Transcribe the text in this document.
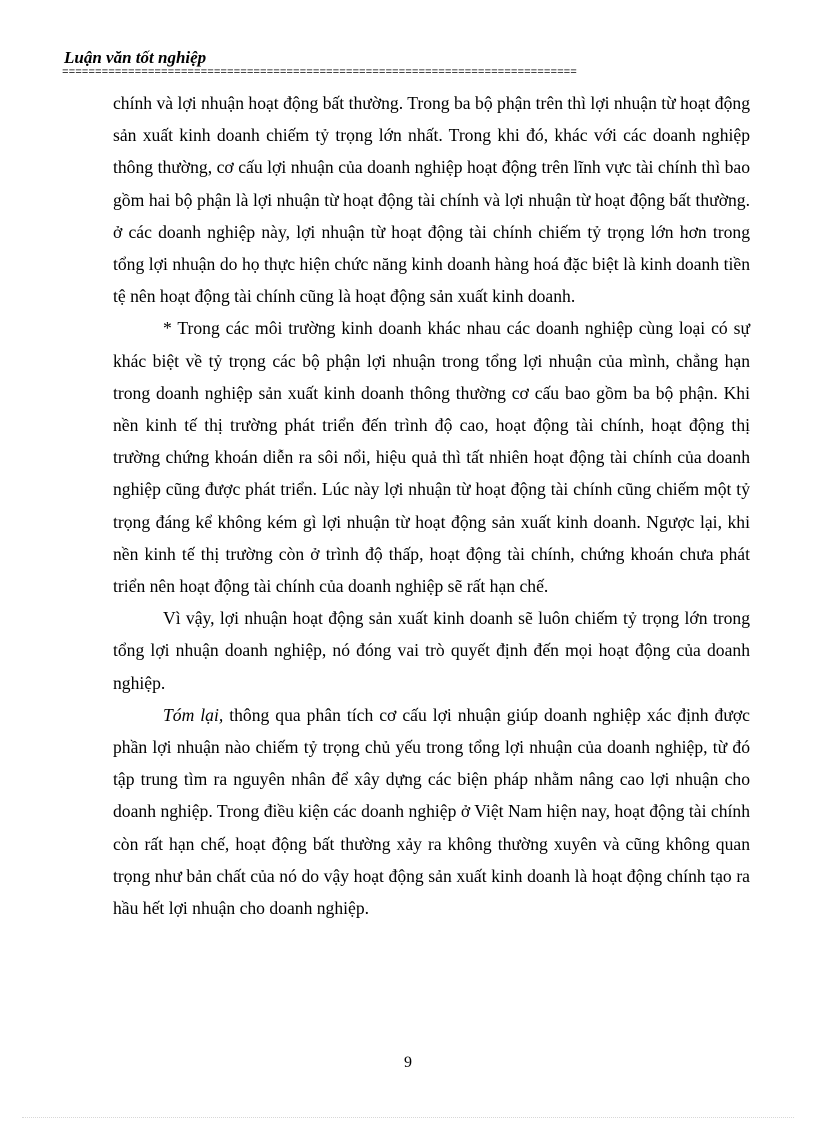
Luận văn tốt nghiệp
==============================================================================

chính và lợi nhuận hoạt động bất thường. Trong ba bộ phận trên thì lợi nhuận từ hoạt động sản xuất kinh doanh chiếm tỷ trọng lớn nhất. Trong khi đó, khác với các doanh nghiệp thông thường, cơ cấu lợi nhuận của doanh nghiệp hoạt động trên lĩnh vực tài chính thì bao gồm hai bộ phận là lợi nhuận từ hoạt động tài chính và lợi nhuận từ hoạt động bất thường. ở các doanh nghiệp này, lợi nhuận từ hoạt động tài chính chiếm tỷ trọng lớn hơn trong tổng lợi nhuận do họ thực hiện chức năng kinh doanh hàng hoá đặc biệt là kinh doanh tiền tệ nên hoạt động tài chính cũng là hoạt động sản xuất kinh doanh.

* Trong các môi trường kinh doanh khác nhau các doanh nghiệp cùng loại có sự khác biệt về tỷ trọng các bộ phận lợi nhuận trong tổng lợi nhuận của mình, chẳng hạn trong doanh nghiệp sản xuất kinh doanh thông thường cơ cấu bao gồm ba bộ phận. Khi nền kinh tế thị trường phát triển đến trình độ cao, hoạt động tài chính, hoạt động thị trường chứng khoán diễn ra sôi nổi, hiệu quả thì tất nhiên hoạt động tài chính của doanh nghiệp cũng được phát triển. Lúc này lợi nhuận từ hoạt động tài chính cũng chiếm một tỷ trọng đáng kể không kém gì lợi nhuận từ hoạt động sản xuất kinh doanh. Ngược lại, khi nền kinh tế thị trường còn ở trình độ thấp, hoạt động tài chính, chứng khoán chưa phát triển nên hoạt động tài chính của doanh nghiệp sẽ rất hạn chế.

Vì vậy, lợi nhuận hoạt động sản xuất kinh doanh sẽ luôn chiếm tỷ trọng lớn trong tổng lợi nhuận doanh nghiệp, nó đóng vai trò quyết định đến mọi hoạt động của doanh nghiệp.

Tóm lại, thông qua phân tích cơ cấu lợi nhuận giúp doanh nghiệp xác định được phần lợi nhuận nào chiếm tỷ trọng chủ yếu trong tổng lợi nhuận của doanh nghiệp, từ đó tập trung tìm ra nguyên nhân để xây dựng các biện pháp nhằm nâng cao lợi nhuận cho doanh nghiệp. Trong điều kiện các doanh nghiệp ở Việt Nam hiện nay, hoạt động tài chính còn rất hạn chế, hoạt động bất thường xảy ra không thường xuyên và cũng không quan trọng như bản chất của nó do vậy hoạt động sản xuất kinh doanh là hoạt động chính tạo ra hầu hết lợi nhuận cho doanh nghiệp.

9
